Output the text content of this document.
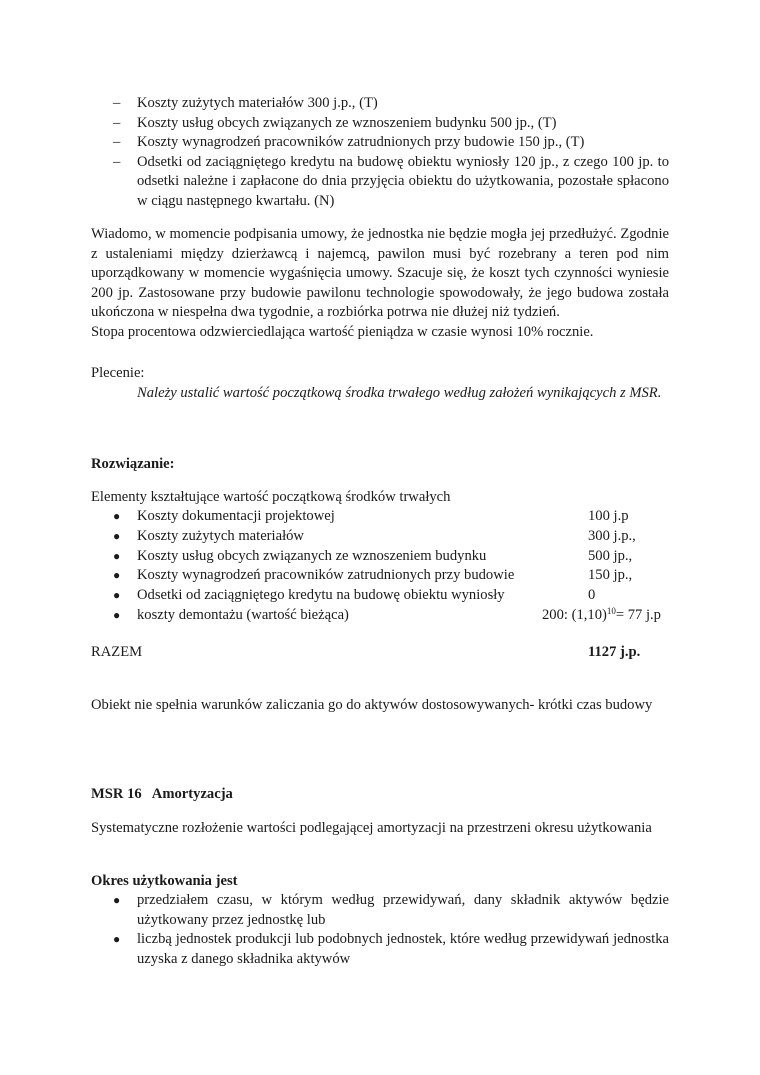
– Koszty zużytych materiałów 300 j.p., (T)
– Koszty usług obcych związanych ze wznoszeniem budynku 500 jp., (T)
– Koszty wynagrodzeń pracowników zatrudnionych przy budowie 150 jp., (T)
– Odsetki od zaciągniętego kredytu na budowę obiektu wyniosły 120 jp., z czego 100 jp. to odsetki należne i zapłacone do dnia przyjęcia obiektu do użytkowania, pozostałe spłacono w ciągu następnego kwartału. (N)

Wiadomo, w momencie podpisania umowy, że jednostka nie będzie mogła jej przedłużyć. Zgodnie z ustaleniami między dzierżawcą i najemcą, pawilon musi być rozebrany a teren pod nim uporządkowany w momencie wygaśnięcia umowy. Szacuje się, że koszt tych czynności wyniesie 200 jp. Zastosowane przy budowie pawilonu technologie spowodowały, że jego budowa została ukończona w niespełna dwa tygodnie, a rozbiórka potrwa nie dłużej niż tydzień.

Stopa procentowa odzwierciedlająca wartość pieniądza w czasie wynosi 10% rocznie.

Plecenie:

Należy ustalić wartość początkową środka trwałego według założeń wynikających z MSR.

Rozwiązanie:
Elementy kształtujące wartość początkową środków trwałych
● Koszty dokumentacji projektowej	100 j.p
● Koszty zużytych materiałów	300 j.p.,
● Koszty usług obcych związanych ze wznoszeniem budynku	500 jp.,
● Koszty wynagrodzeń pracowników zatrudnionych przy budowie	150 jp.,
● Odsetki od zaciągniętego kredytu na budowę obiektu wyniosły	0
● koszty demontażu (wartość bieżąca)	200: $(1,10)^{10}= 77$ j.p
RAZEM	1127 j.p.
Obiekt nie spełnia warunków zaliczania go do aktywów dostosowywanych- krótki czas budowy
MSR 16   Amortyzacja
Systematyczne rozłożenie wartości podlegającej amortyzacji na przestrzeni okresu użytkowania
Okres użytkowania jest
● przedziałem czasu, w którym według przewidywań, dany składnik aktywów będzie użytkowany przez jednostkę lub
● liczbą jednostek produkcji lub podobnych jednostek, które według przewidywań jednostka uzyska z danego składnika aktywów
